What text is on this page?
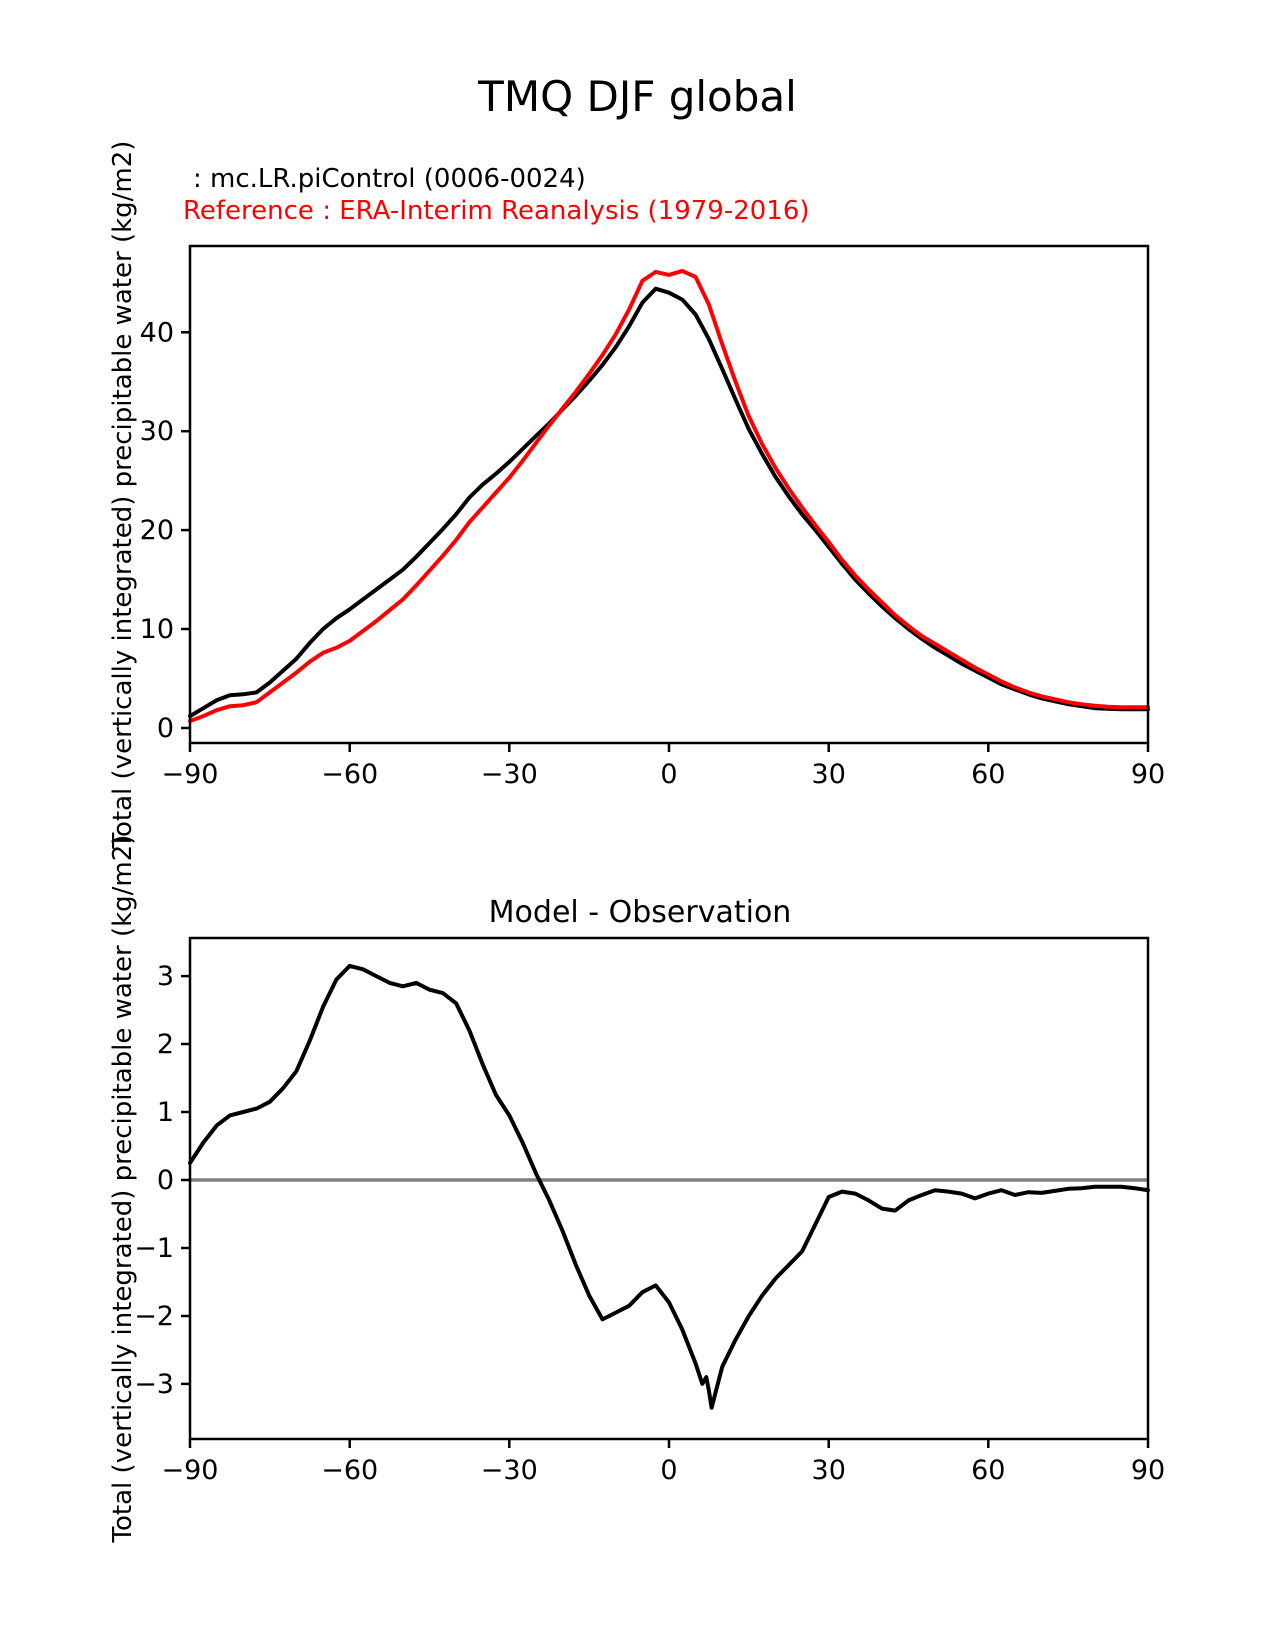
TMQ DJF global
: mc.LR.piControl (0006-0024)
Reference : ERA-Interim Reanalysis (1979-2016)
−90	−60	−30	0	30	60	90
0
10
20
30
40
Total (vertically integrated) precipitable water (kg/m2)
−90	−60	−30	0	30	60	90
−3
−2
−1
0
1
2
3
Total (vertically integrated) precipitable water (kg/m2)	Model - Observation
